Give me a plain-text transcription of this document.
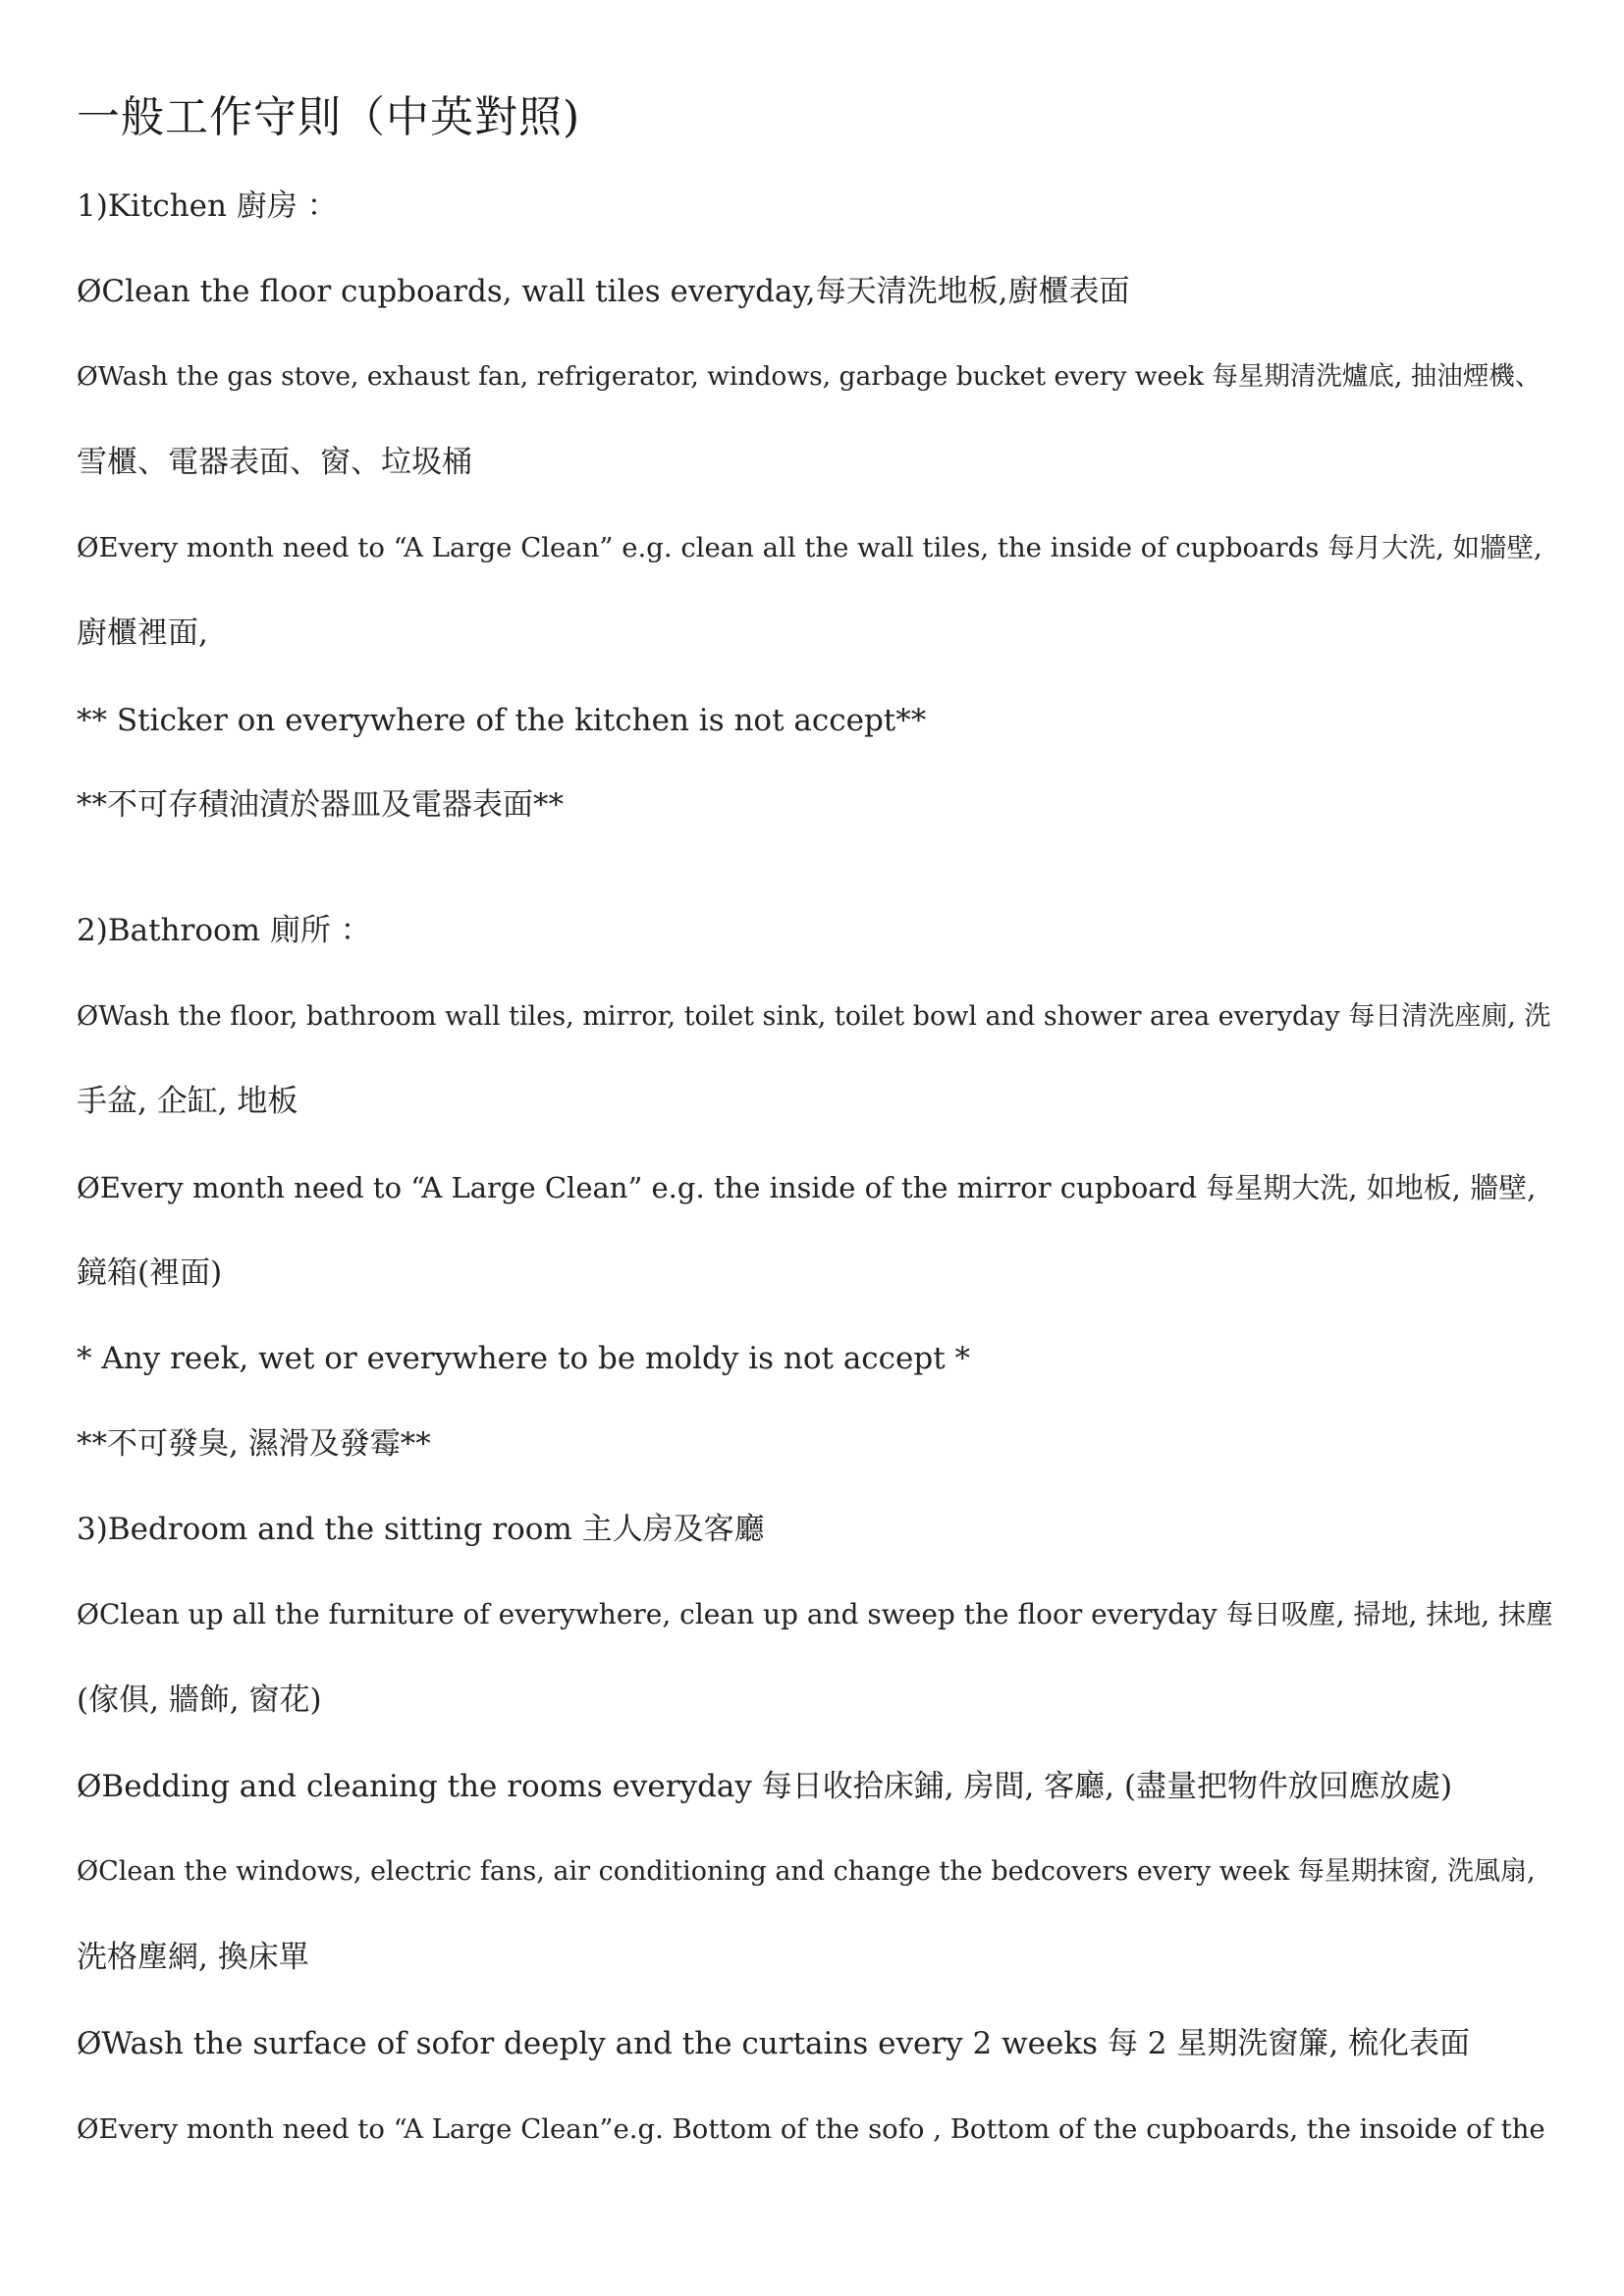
一般工作守則（中英對照)
1)Kitchen 廚房 ：
ØClean the floor cupboards, wall tiles everyday,每天清洗地板,廚櫃表面
ØWash the gas stove, exhaust fan, refrigerator, windows, garbage bucket every week 每星期清洗爐底, 抽油煙機、
雪櫃、電器表面、窗、垃圾桶
ØEvery month need to “A Large Clean” e.g. clean all the wall tiles, the inside of cupboards 每月大洗, 如牆壁,
廚櫃裡面,
** Sticker on everywhere of the kitchen is not accept**
**不可存積油漬於器皿及電器表面**
2)Bathroom 廁所 ：
ØWash the floor, bathroom wall tiles, mirror, toilet sink, toilet bowl and shower area everyday 每日清洗座廁, 洗
手盆, 企缸, 地板
ØEvery month need to “A Large Clean” e.g. the inside of the mirror cupboard 每星期大洗, 如地板, 牆壁,
鏡箱(裡面)
* Any reek, wet or everywhere to be moldy is not accept *
**不可發臭, 濕滑及發霉**
3)Bedroom and the sitting room 主人房及客廳
ØClean up all the furniture of everywhere, clean up and sweep the floor everyday 每日吸塵, 掃地, 抹地, 抹塵
(傢俱, 牆飾, 窗花)
ØBedding and cleaning the rooms everyday 每日收拾床鋪, 房間, 客廳, (盡量把物件放回應放處)
ØClean the windows, electric fans, air conditioning and change the bedcovers every week 每星期抹窗, 洗風扇,
洗格塵網, 換床單
ØWash the surface of sofor deeply and the curtains every 2 weeks 每 2 星期洗窗簾, 梳化表面
ØEvery month need to “A Large Clean”e.g. Bottom of the sofo , Bottom of the cupboards, the insoide of the
